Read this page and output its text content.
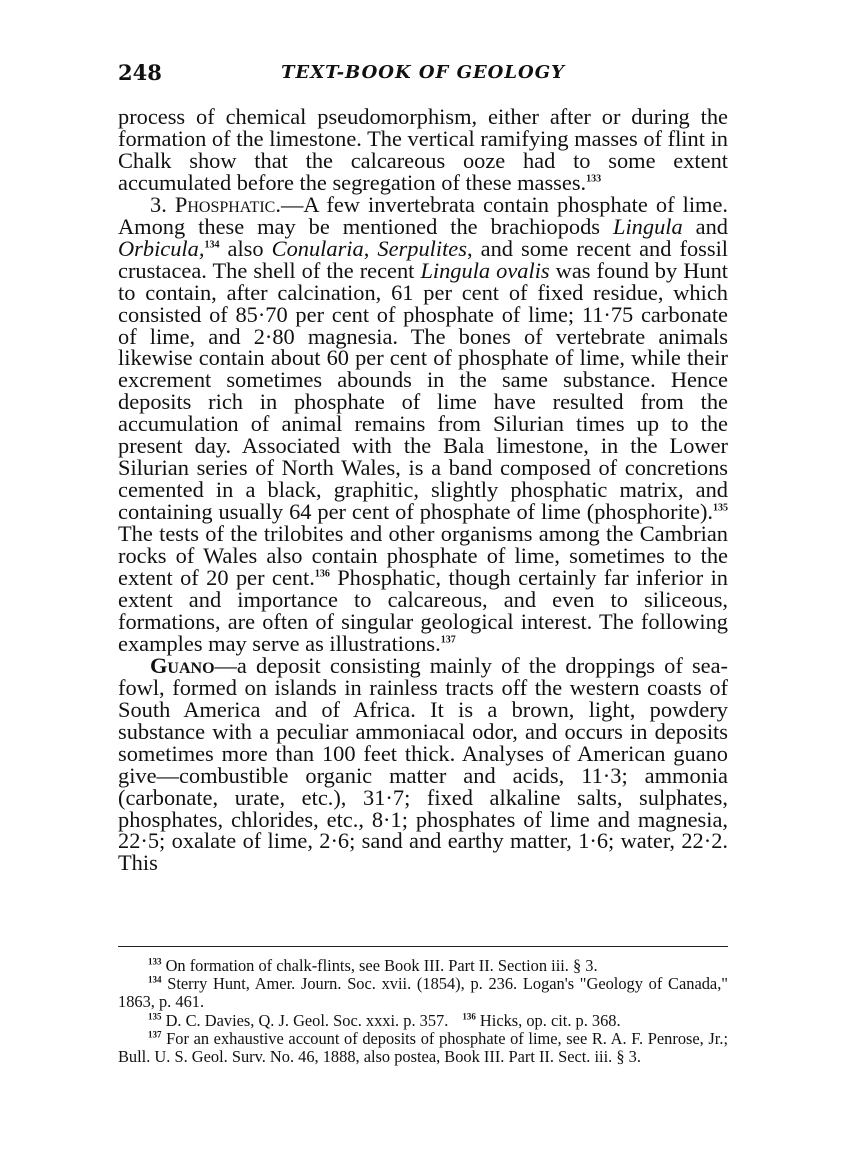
248	TEXT-BOOK OF GEOLOGY

process of chemical pseudomorphism, either after or during the formation of the limestone. The vertical ramifying masses of flint in Chalk show that the calcareous ooze had to some extent accumulated before the segregation of these masses.$^{133}$

3. Phosphatic.—A few invertebrata contain phosphate of lime. Among these may be mentioned the brachiopods Lingula and Orbicula,$^{134}$ also Conularia, Serpulites, and some recent and fossil crustacea. The shell of the recent Lingula ovalis was found by Hunt to contain, after calcination, 61 per cent of fixed residue, which consisted of 85·70 per cent of phosphate of lime; 11·75 carbonate of lime, and 2·80 magnesia. The bones of vertebrate animals likewise contain about 60 per cent of phosphate of lime, while their excrement sometimes abounds in the same substance. Hence deposits rich in phosphate of lime have resulted from the accumulation of animal remains from Silurian times up to the present day. Associated with the Bala limestone, in the Lower Silurian series of North Wales, is a band composed of concretions cemented in a black, graphitic, slightly phosphatic matrix, and containing usually 64 per cent of phosphate of lime (phosphorite).$^{135}$ The tests of the trilobites and other organisms among the Cambrian rocks of Wales also contain phosphate of lime, sometimes to the extent of 20 per cent.$^{136}$ Phosphatic, though certainly far inferior in extent and importance to calcareous, and even to siliceous, formations, are often of singular geological interest. The following examples may serve as illustrations.$^{137}$

Guano—a deposit consisting mainly of the droppings of sea-fowl, formed on islands in rainless tracts off the western coasts of South America and of Africa. It is a brown, light, powdery substance with a peculiar ammoniacal odor, and occurs in deposits sometimes more than 100 feet thick. Analyses of American guano give—combustible organic matter and acids, 11·3; ammonia (carbonate, urate, etc.), 31·7; fixed alkaline salts, sulphates, phosphates, chlorides, etc., 8·1; phosphates of lime and magnesia, 22·5; oxalate of lime, 2·6; sand and earthy matter, 1·6; water, 22·2. This

$^{133}$ On formation of chalk-flints, see Book III. Part II. Section iii. § 3.

$^{134}$ Sterry Hunt, Amer. Journ. Soc. xvii. (1854), p. 236. Logan's "Geology of Canada," 1863, p. 461.

$^{135}$ D. C. Davies, Q. J. Geol. Soc. xxxi. p. 357. $^{136}$ Hicks, op. cit. p. 368.

$^{137}$ For an exhaustive account of deposits of phosphate of lime, see R. A. F. Penrose, Jr.; Bull. U. S. Geol. Surv. No. 46, 1888, also postea, Book III. Part II. Sect. iii. § 3.
